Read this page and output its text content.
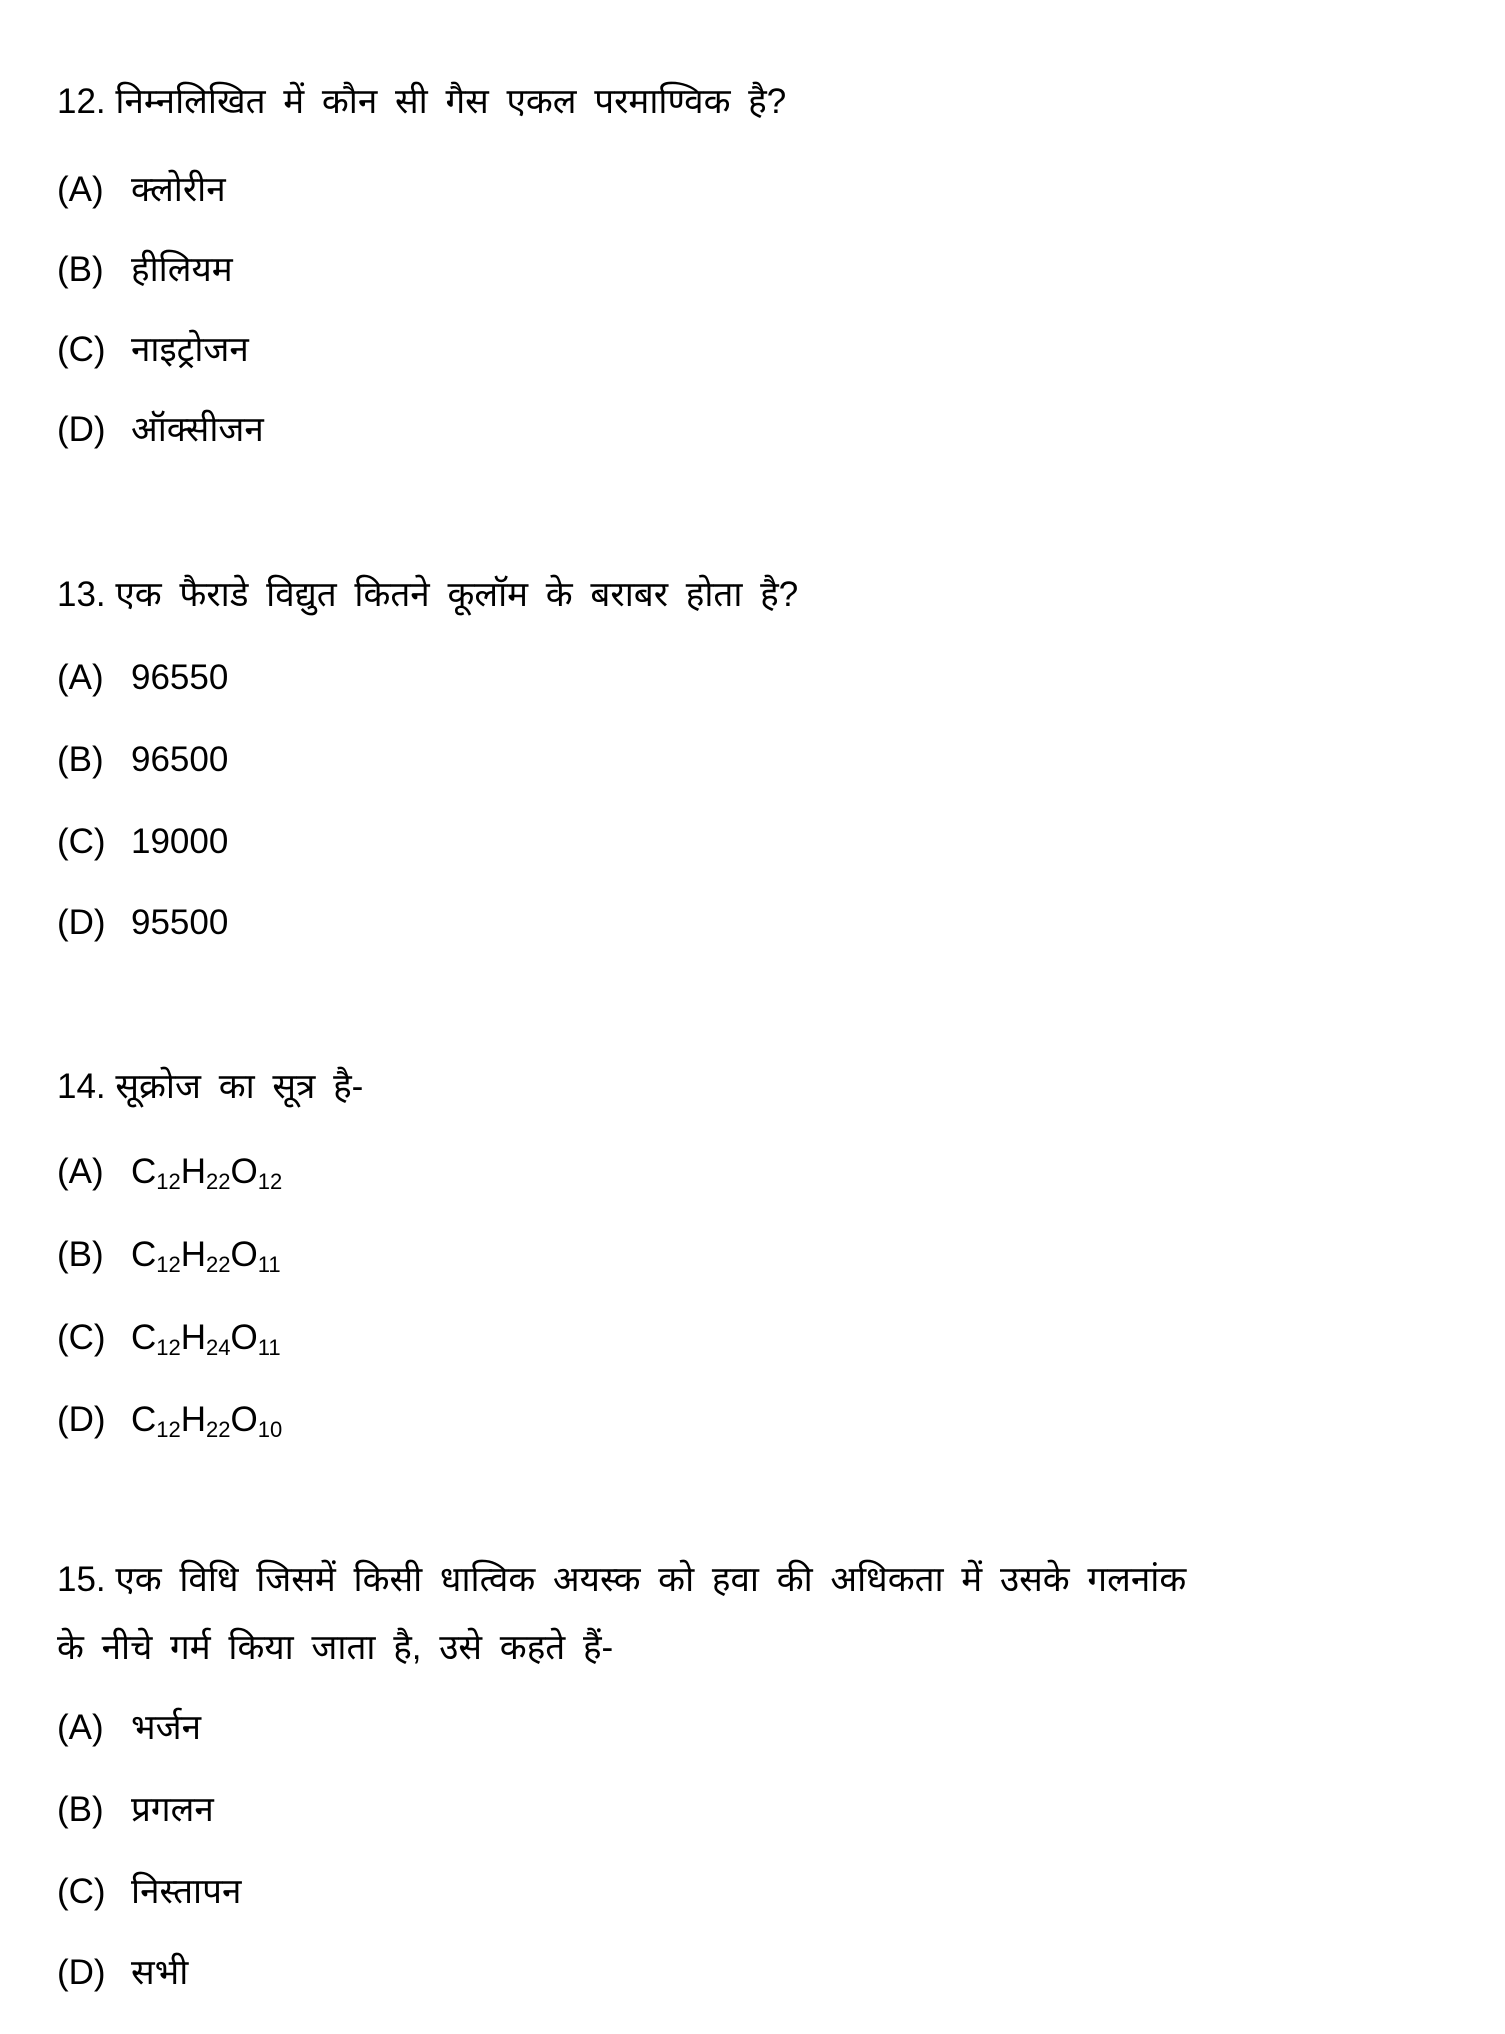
12. निम्नलिखित में कौन सी गैस एकल परमाण्विक है?
(A) क्लोरीन
(B) हीलियम
(C) नाइट्रोजन
(D) ऑक्सीजन
13. एक फैराडे विद्युत कितने कूलॉम के बराबर होता है?
(A) 96550
(B) 96500
(C) 19000
(D) 95500
14. सूक्रोज का सूत्र है-
(A) $C_{12}H_{22}O_{12}$
(B) $C_{12}H_{22}O_{11}$
(C) $C_{12}H_{24}O_{11}$
(D) $C_{12}H_{22}O_{10}$
15. एक विधि जिसमें किसी धात्विक अयस्क को हवा की अधिकता में उसके गलनांक
के नीचे गर्म किया जाता है, उसे कहते हैं-
(A) भर्जन
(B) प्रगलन
(C) निस्तापन
(D) सभी
